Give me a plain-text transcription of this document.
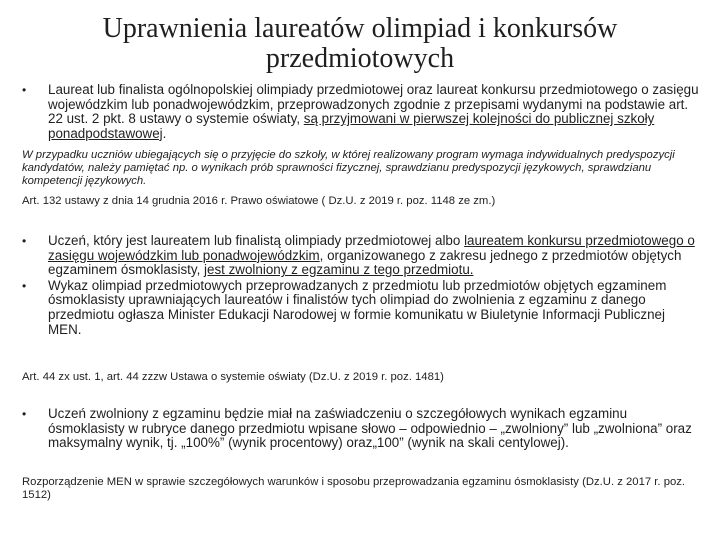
Uprawnienia laureatów olimpiad i konkursów przedmiotowych
• Laureat lub finalista ogólnopolskiej olimpiady przedmiotowej oraz laureat konkursu przedmiotowego o zasięgu wojewódzkim lub ponadwojewódzkim, przeprowadzonych zgodnie z przepisami wydanymi na podstawie art. 22 ust. 2 pkt. 8 ustawy o systemie oświaty, są przyjmowani w pierwszej kolejności do publicznej szkoły ponadpodstawowej.
W przypadku uczniów ubiegających się o przyjęcie do szkoły, w której realizowany program wymaga indywidualnych predyspozycji kandydatów, należy pamiętać np. o wynikach prób sprawności fizycznej, sprawdzianu predyspozycji językowych, sprawdzianu kompetencji językowych.
Art. 132 ustawy z dnia 14 grudnia 2016 r. Prawo oświatowe ( Dz.U. z 2019 r. poz. 1148 ze zm.)
• Uczeń, który jest laureatem lub finalistą olimpiady przedmiotowej albo laureatem konkursu przedmiotowego o zasięgu wojewódzkim lub ponadwojewódzkim, organizowanego z zakresu jednego z przedmiotów objętych egzaminem ósmoklasisty, jest zwolniony z egzaminu z tego przedmiotu.
• Wykaz olimpiad przedmiotowych przeprowadzanych z przedmiotu lub przedmiotów objętych egzaminem ósmoklasisty uprawniających laureatów i finalistów tych olimpiad do zwolnienia z egzaminu z danego przedmiotu ogłasza Minister Edukacji Narodowej w formie komunikatu w Biuletynie Informacji Publicznej MEN.
Art. 44 zx ust. 1, art. 44 zzzw Ustawa o systemie oświaty (Dz.U. z 2019 r. poz. 1481)
• Uczeń zwolniony z egzaminu będzie miał na zaświadczeniu o szczegółowych wynikach egzaminu ósmoklasisty w rubryce danego przedmiotu wpisane słowo – odpowiednio – „zwolniony” lub „zwolniona” oraz maksymalny wynik, tj. „100%” (wynik procentowy) oraz„100” (wynik na skali centylowej).
Rozporządzenie MEN w sprawie szczegółowych warunków i sposobu przeprowadzania egzaminu ósmoklasisty (Dz.U. z 2017 r. poz. 1512)
